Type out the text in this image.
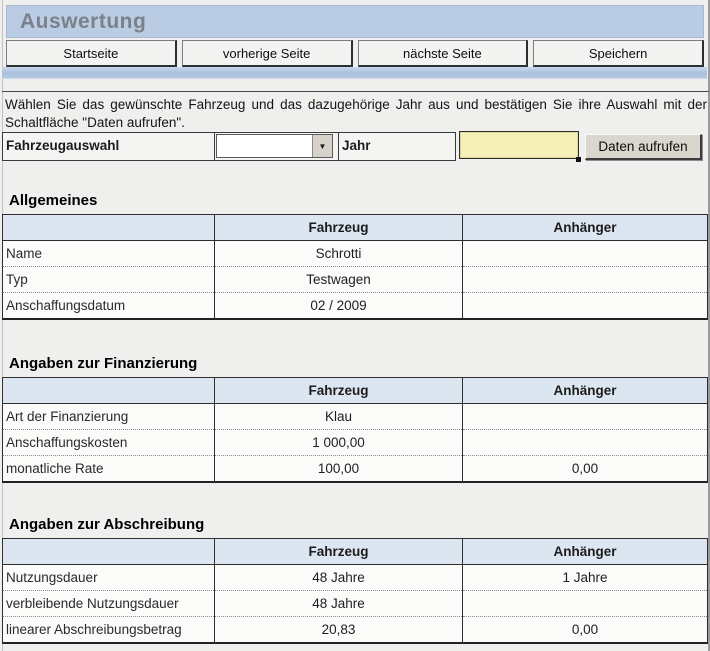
Auswertung
Startseite	vorherige Seite	nächste Seite	Speichern
Wählen Sie das gewünschte Fahrzeug und das dazugehörige Jahr aus und bestätigen Sie ihre Auswahl mit der Schaltfläche "Daten aufrufen".
Fahrzeugauswahl	▼	Jahr	Daten aufrufen
Allgemeines
	Fahrzeug	Anhänger
Name	Schrotti	
Typ	Testwagen	
Anschaffungsdatum	02 / 2009	
Angaben zur Finanzierung
	Fahrzeug	Anhänger
Art der Finanzierung	Klau	
Anschaffungskosten	1 000,00	
monatliche Rate	100,00	0,00
Angaben zur Abschreibung
	Fahrzeug	Anhänger
Nutzungsdauer	48 Jahre	1 Jahre
verbleibende Nutzungsdauer	48 Jahre	
linearer Abschreibungsbetrag	20,83	0,00
